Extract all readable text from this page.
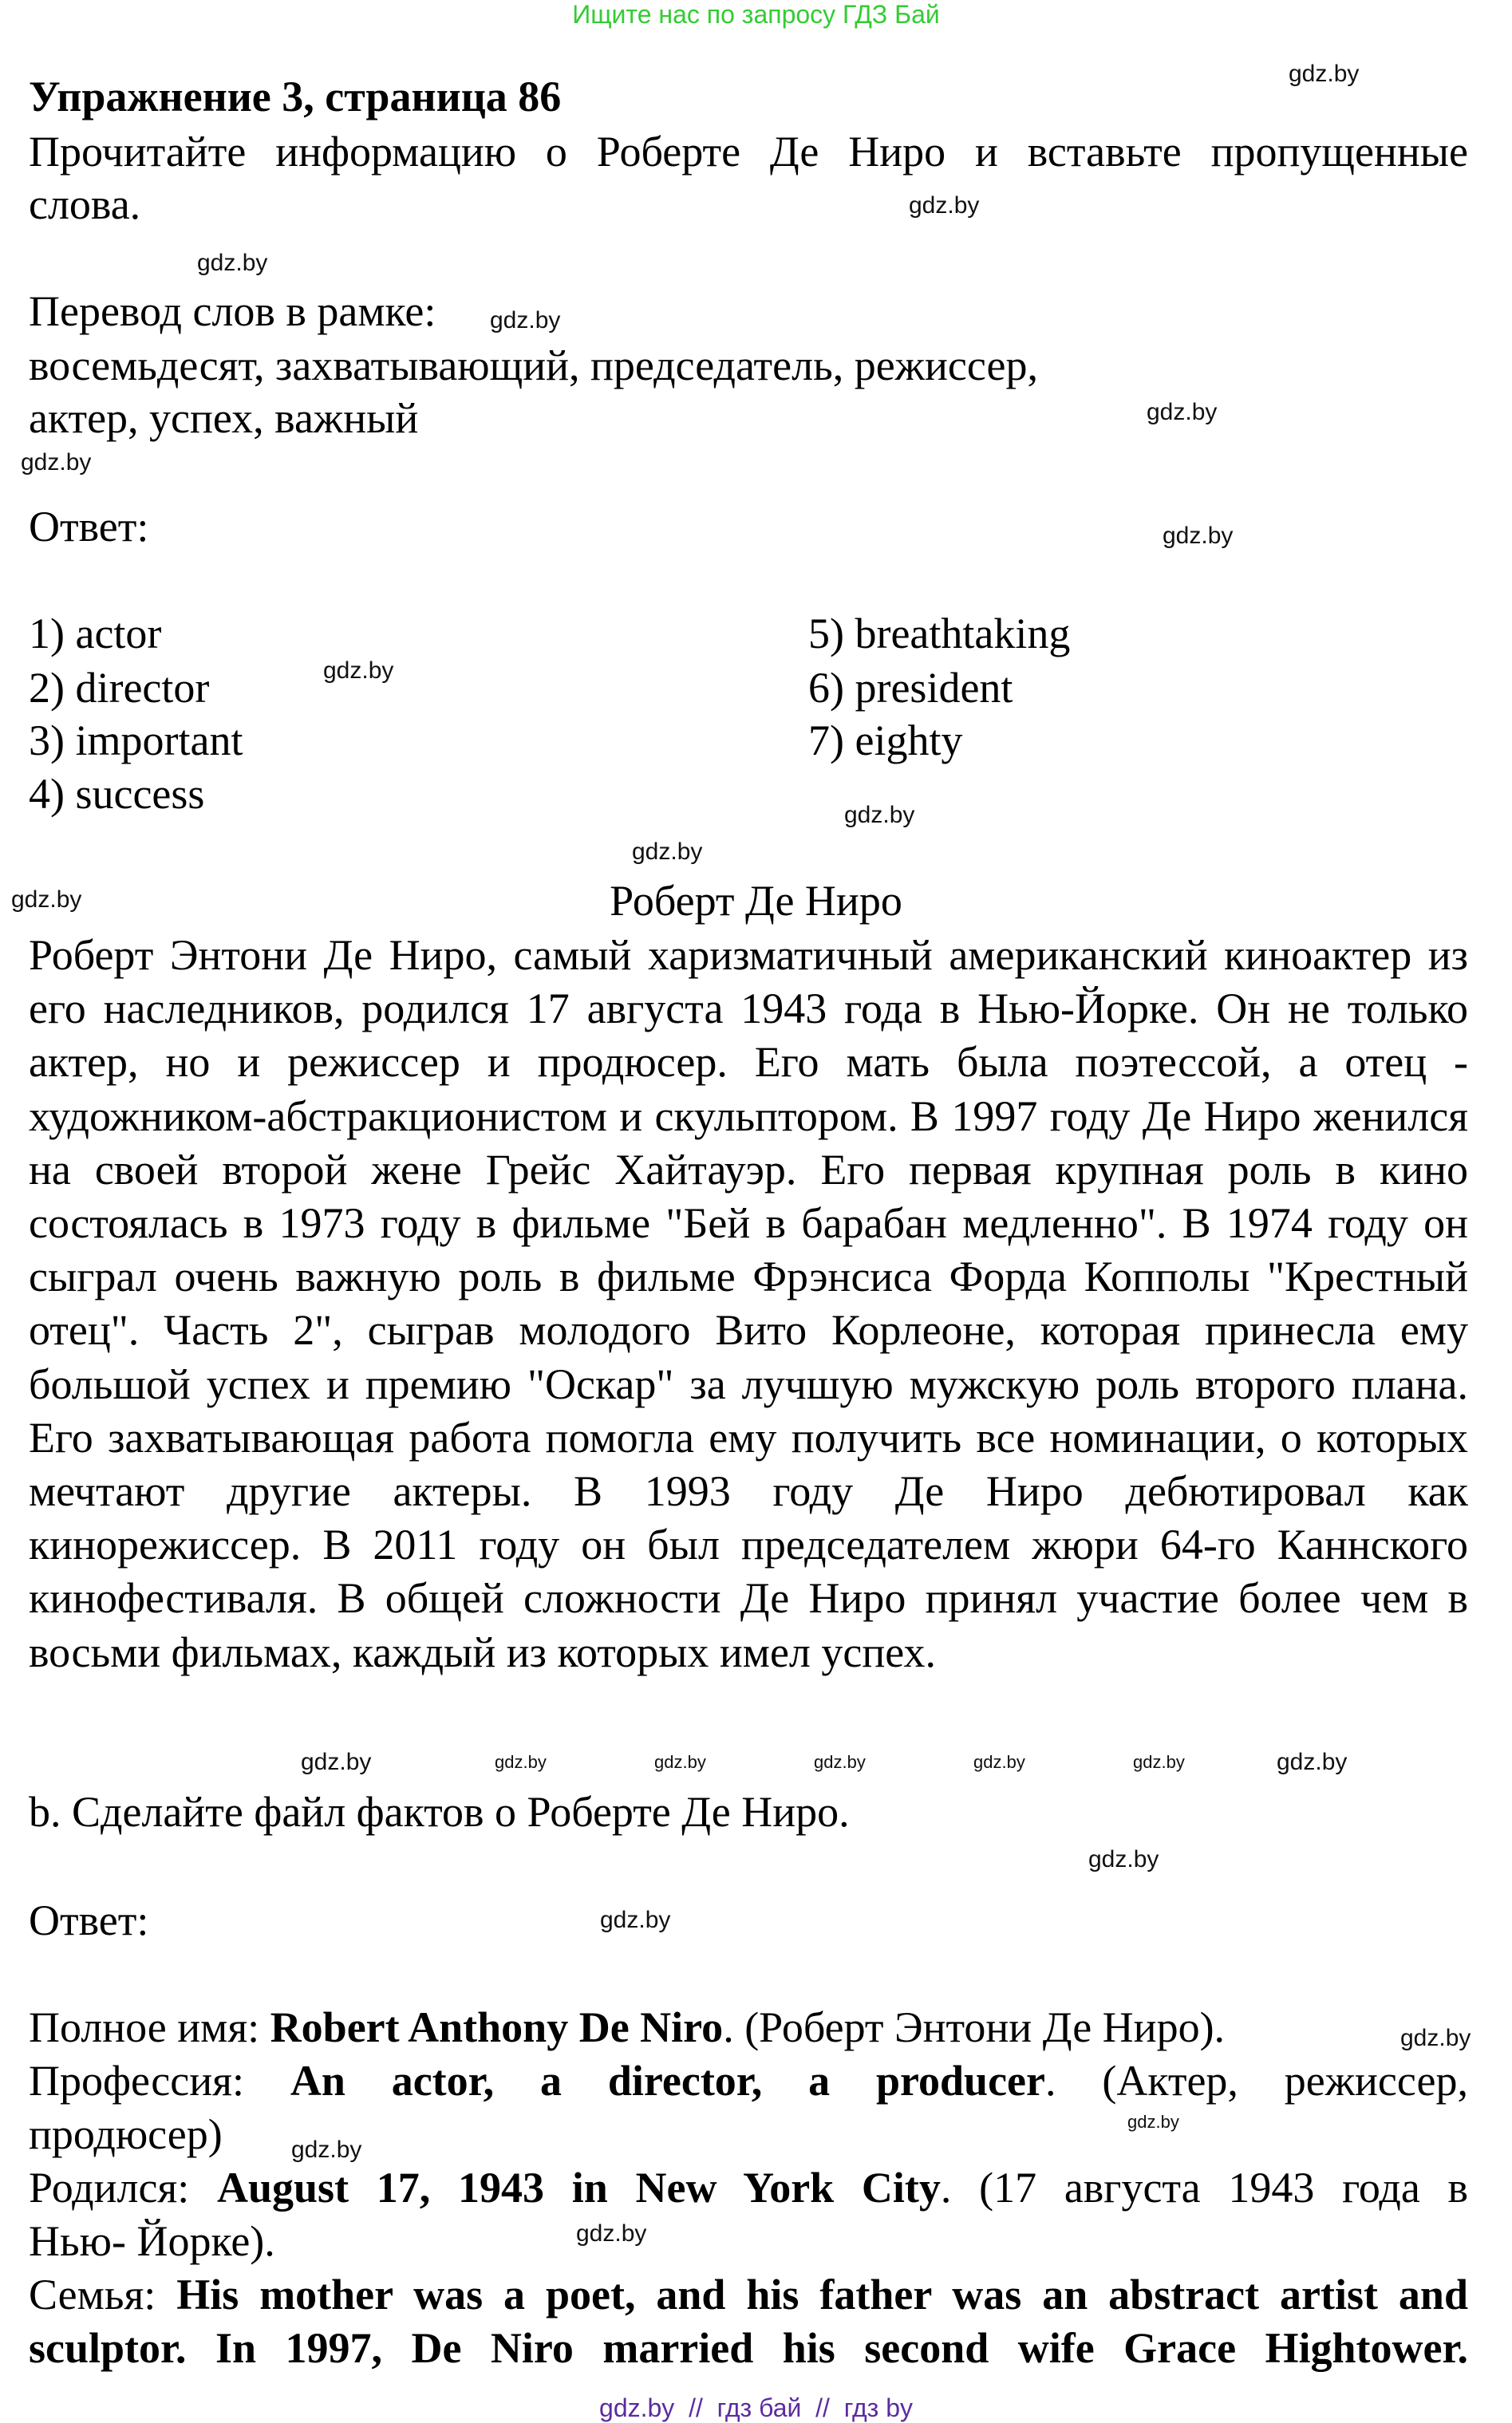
Ищите нас по запросу ГДЗ Бай
Упражнение 3, страница 86
Прочитайте информацию о Роберте Де Ниро и вставьте пропущенные
слова.
Перевод слов в рамке:
восемьдесят, захватывающий, председатель, режиссер,
актер, успех, важный
Ответ:
1) actor
2) director
3) important
4) success
5) breathtaking
6) president
7) eighty
Роберт Де Ниро
Роберт Энтони Де Ниро, самый харизматичный американский киноактер из его наследников, родился 17 августа 1943 года в Нью-Йорке. Он не только актер, но и режиссер и продюсер. Его мать была поэтессой, а отец - художником-абстракционистом и скульптором. В 1997 году Де Ниро женился на своей второй жене Грейс Хайтауэр. Его первая крупная роль в кино состоялась в 1973 году в фильме "Бей в барабан медленно". В 1974 году он сыграл очень важную роль в фильме Фрэнсиса Форда Копполы "Крестный отец". Часть 2", сыграв молодого Вито Корлеоне, которая принесла ему большой успех и премию "Оскар" за лучшую мужскую роль второго плана. Его захватывающая работа помогла ему получить все номинации, о которых мечтают другие актеры. В 1993 году Де Ниро дебютировал как кинорежиссер. В 2011 году он был председателем жюри 64-го Каннского кинофестиваля. В общей сложности Де Ниро принял участие более чем в восьми фильмах, каждый из которых имел успех.
b. Сделайте файл фактов о Роберте Де Ниро.
Ответ:
Полное имя: Robert Anthony De Niro. (Роберт Энтони Де Ниро).
Профессия: An actor, a director, a producer. (Актер, режиссер,
продюсер)
Родился: August 17, 1943 in New York City. (17 августа 1943 года в
Нью- Йорке).
Семья: His mother was a poet, and his father was an abstract artist and
sculptor. In 1997, De Niro married his second wife Grace Hightower.
gdz.by
gdz.by
gdz.by
gdz.by
gdz.by
gdz.by
gdz.by
gdz.by
gdz.by
gdz.by
gdz.by
gdz.by	gdz.by	gdz.by	gdz.by	gdz.by	gdz.by	gdz.by
gdz.by
gdz.by
gdz.by
gdz.by
gdz.by
gdz.by
gdz.by  //  гдз бай  //  гдз by
